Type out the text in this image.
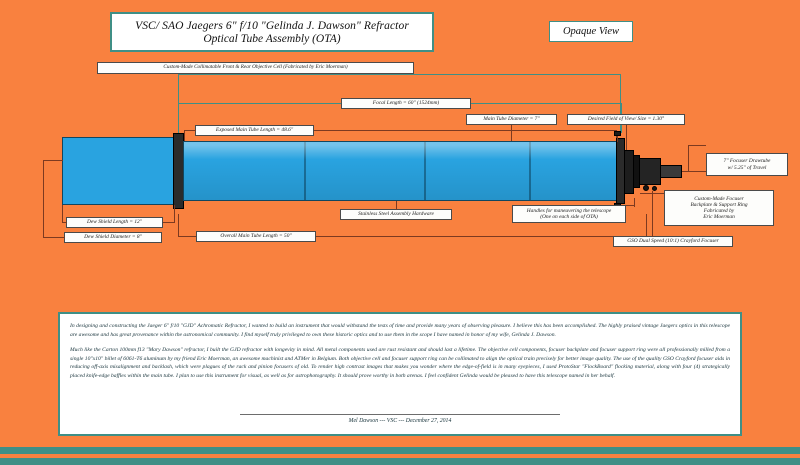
VSC/ SAO Jaegers 6" f/10 "Gelinda J. Dawson" Refractor
Optical Tube Assembly (OTA)
Opaque View
Custom-Made Collimatable Front & Rear Objective Cell (Fabricated by Eric Moerman)
Focal Length = 60" (1524mm)
Exposed Main Tube Length = 48.6"
Main Tube Diameter = 7"	Desired Field of View/ Size = 1.30°
7" Focuser Drawtube
w/ 5.25" of Travel
Custom-Made Focuser
Backplate & Support Ring
Fabricated by
Eric Moerman
Dew Shield Length = 12"
Dew Shield Diameter = 8"	Overall Main Tube Length = 50"
Stainless Steel Assembly Hardware
Handles for maneuvering the telescope
(One on each side of OTA)
GSO Dual Speed (10:1) Crayford Focuser

In designing and constructing the Jaeger 6" f/10 "GJD" Achromatic Refractor, I wanted to build an instrument that would withstand the tests of time and provide many years of observing pleasure. I believe this has been accomplished. The highly praised vintage Jaegers optics in this telescope are awesome and has great provenance within the astronomical community. I find myself truly privileged to own these historic optics and to use them in the scope I have named in honor of my wife, Gelinda J. Dawson.

Much like the Carton 100mm f13 "Mary Dawson" refractor, I built the GJD refractor with longevity in mind. All metal components used are rust resistant and should last a lifetime. The objective cell components, focuser backplate and focuser support ring were all professionally milled from a single 10"x10" billet of 6061-T6 aluminum by my friend Eric Moerman, an awesome machinist and ATMer in Belgium. Both objective cell and focuser support ring can be collimated to align the optical train precisely for better image quality. The use of the quality GSO Crayford focuser aids in reducing off-axis misalignment and backlash, which were plagues of the rack and pinion focusers of old. To render high contrast images that makes you wonder where the edge-of-field is in many eyepieces, I used ProtoStar "FlockBoard" flocking material, along with four (4) strategically placed knife-edge baffles within the main tube. I plan to use this instrument for visual, as well as for astrophotography. It should prove worthy in both arenas. I feel confident Gelinda would be pleased to have this telescope named in her behalf.

Mel Dawson --- VSC --- December 27, 2014
